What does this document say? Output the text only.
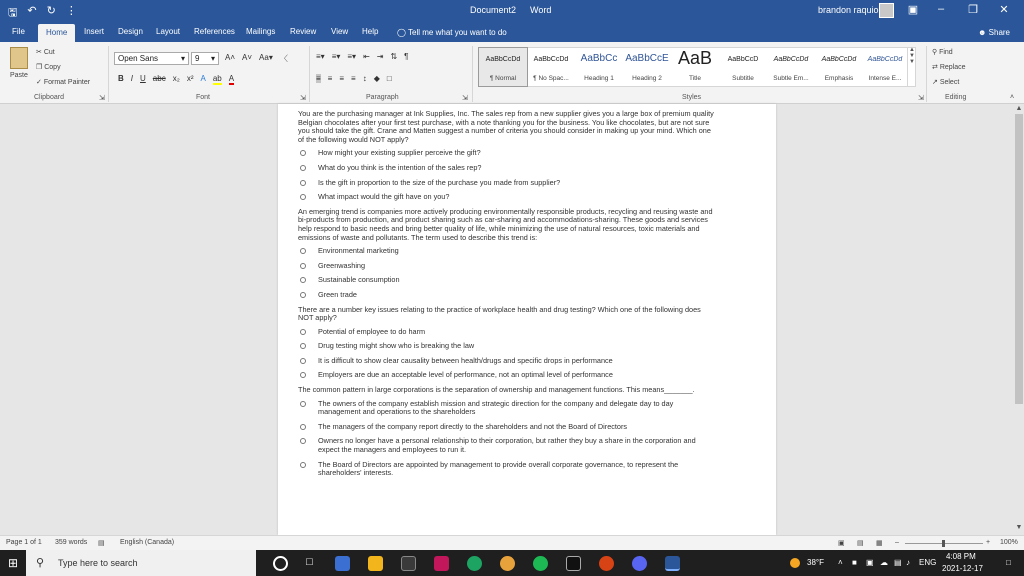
🖫 ↶ ↻ ⋮	Document2 Word	brandon raquio	▣	–	❐	✕
File	Home	Insert	Design	Layout	References	Mailings	Review	View	Help	◯ Tell me what you want to do	☻ Share
Paste
✂ Cut
❐ Copy
✓ Format Painter
Clipboard	⇲
Open Sans	▾	9 ▾ A˄ A˅ Aa▾ 〈
B I U abc x₂ x² A ab A
Font	⇲
≡▾ ≡▾ ≡▾ ⇤ ⇥ ⇅ ¶
≡ ≡ ≡ ≡ ↕ ◆ □
Paragraph	⇲
AaBbCcDd
¶ Normal
AaBbCcDd
¶ No Spac...
AaBbCc
Heading 1
AaBbCcE
Heading 2
AaB
Title
AaBbCcD
Subtitle
AaBbCcDd
Subtle Em...
AaBbCcDd
Emphasis
AaBbCcDd
Intense E...
▲
▼
▼
Styles	⇲
⚲ Find
⇄ Replace
↗ Select
Editing	˄
You are the purchasing manager at Ink Supplies, Inc. The sales rep from a new supplier gives you a large box of premium quality Belgian chocolates after your first test purchase, with a note thanking you for the business. You like chocolates, but are not sure you should take the gift. Crane and Matten suggest a number of criteria you should consider in making up your mind. Which one of the following would NOT apply?
How might your existing supplier perceive the gift?
What do you think is the intention of the sales rep?
Is the gift in proportion to the size of the purchase you made from supplier?
What impact would the gift have on you?
An emerging trend is companies more actively producing environmentally responsible products, recycling and reusing waste and bi-products from production, and product sharing such as car-sharing and accommodations-sharing. These goods and services help respond to basic needs and bring better quality of life, while minimizing the use of natural resources, toxic materials and emissions of waste and pollutants. The term used to describe this trend is:
Environmental marketing
Greenwashing
Sustainable consumption
Green trade
There are a number key issues relating to the practice of workplace health and drug testing? Which one of the following does NOT apply?
Potential of employee to do harm
Drug testing might show who is breaking the law
It is difficult to show clear causality between health/drugs and specific drops in performance
Employers are due an acceptable level of performance, not an optimal level of performance
The common pattern in large corporations is the separation of ownership and management functions. This means_______.
The owners of the company establish mission and strategic direction for the company and delegate day to day management and operations to the shareholders
The managers of the company report directly to the shareholders and not the Board of Directors
Owners no longer have a personal relationship to their corporation, but rather they buy a share in the corporation and expect the managers and employees to run it.
The Board of Directors are appointed by management to provide overall corporate governance, to represent the shareholders' interests.
▲
▼
Page 1 of 1 359 words ▤ English (Canada)	▣ ▤ ▦ –	+ 100%
⊞ ⚲ Type here to search	□	38°F ˄ ■ ▣ ☁ ▤ ♪ ENG
4:08 PM
2021-12-17
□
